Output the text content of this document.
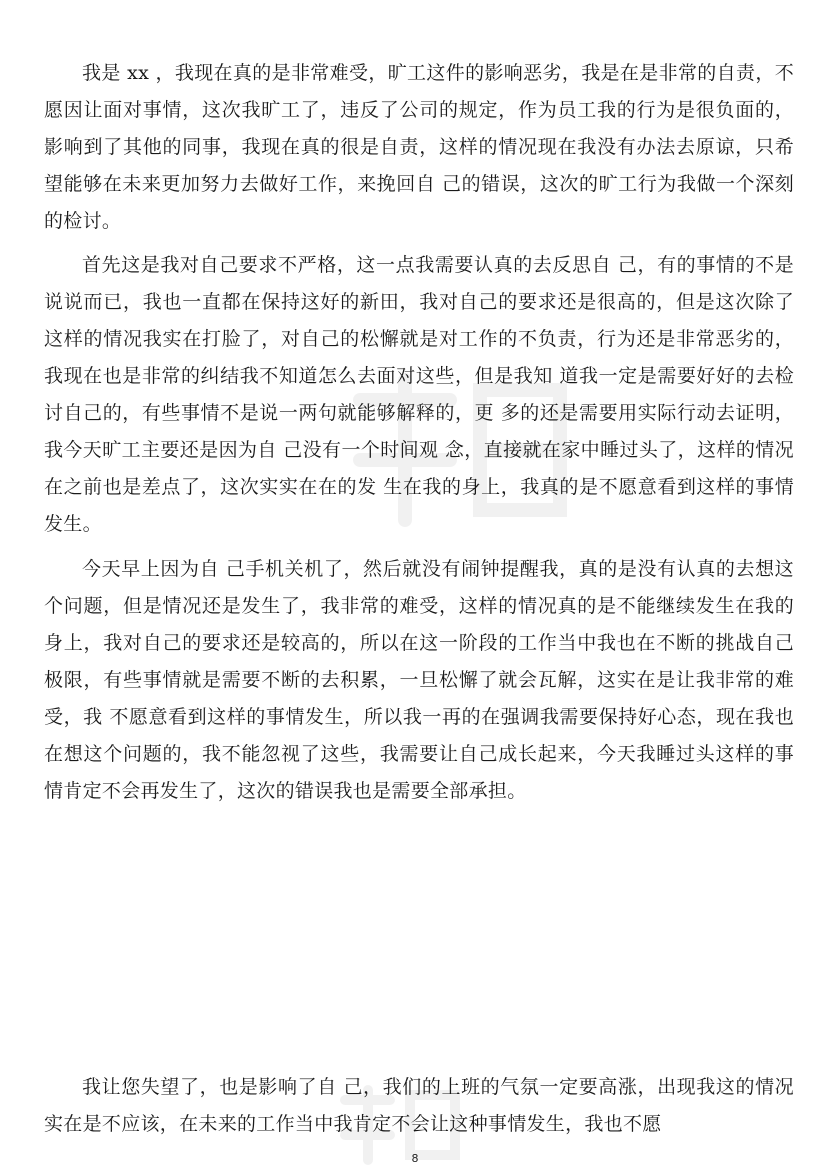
我是 xx ，我现在真的是非常难受，旷工这件的影响恶劣，我是在是非常的自责，不愿因让面对事情，这次我旷工了，违反了公司的规定，作为员工我的行为是很负面的，影响到了其他的同事，我现在真的很是自责，这样的情况现在我没有办法去原谅，只希望能够在未来更加努力去做好工作，来挽回自 己的错误，这次的旷工行为我做一个深刻的检讨。

首先这是我对自己要求不严格，这一点我需要认真的去反思自 己，有的事情的不是说说而已，我也一直都在保持这好的新田，我对自己的要求还是很高的，但是这次除了这样的情况我实在打脸了，对自己的松懈就是对工作的不负责，行为还是非常恶劣的，我现在也是非常的纠结我不知道怎么去面对这些，但是我知 道我一定是需要好好的去检讨自己的，有些事情不是说一两句就能够解释的，更 多的还是需要用实际行动去证明，我今天旷工主要还是因为自 己没有一个时间观 念，直接就在家中睡过头了，这样的情况在之前也是差点了，这次实实在在的发 生在我的身上，我真的是不愿意看到这样的事情发生。

今天早上因为自 己手机关机了，然后就没有闹钟提醒我，真的是没有认真的去想这个问题，但是情况还是发生了，我非常的难受，这样的情况真的是不能继续发生在我的身上，我对自己的要求还是较高的，所以在这一阶段的工作当中我也在不断的挑战自己极限，有些事情就是需要不断的去积累，一旦松懈了就会瓦解，这实在是让我非常的难受，我 不愿意看到这样的事情发生，所以我一再的在强调我需要保持好心态，现在我也在想这个问题的，我不能忽视了这些，我需要让自己成长起来，今天我睡过头这样的事情肯定不会再发生了，这次的错误我也是需要全部承担。

我让您失望了，也是影响了自 己，我们的上班的气氛一定要高涨，出现我这的情况实在是不应该，在未来的工作当中我肯定不会让这种事情发生，我也不愿

8
